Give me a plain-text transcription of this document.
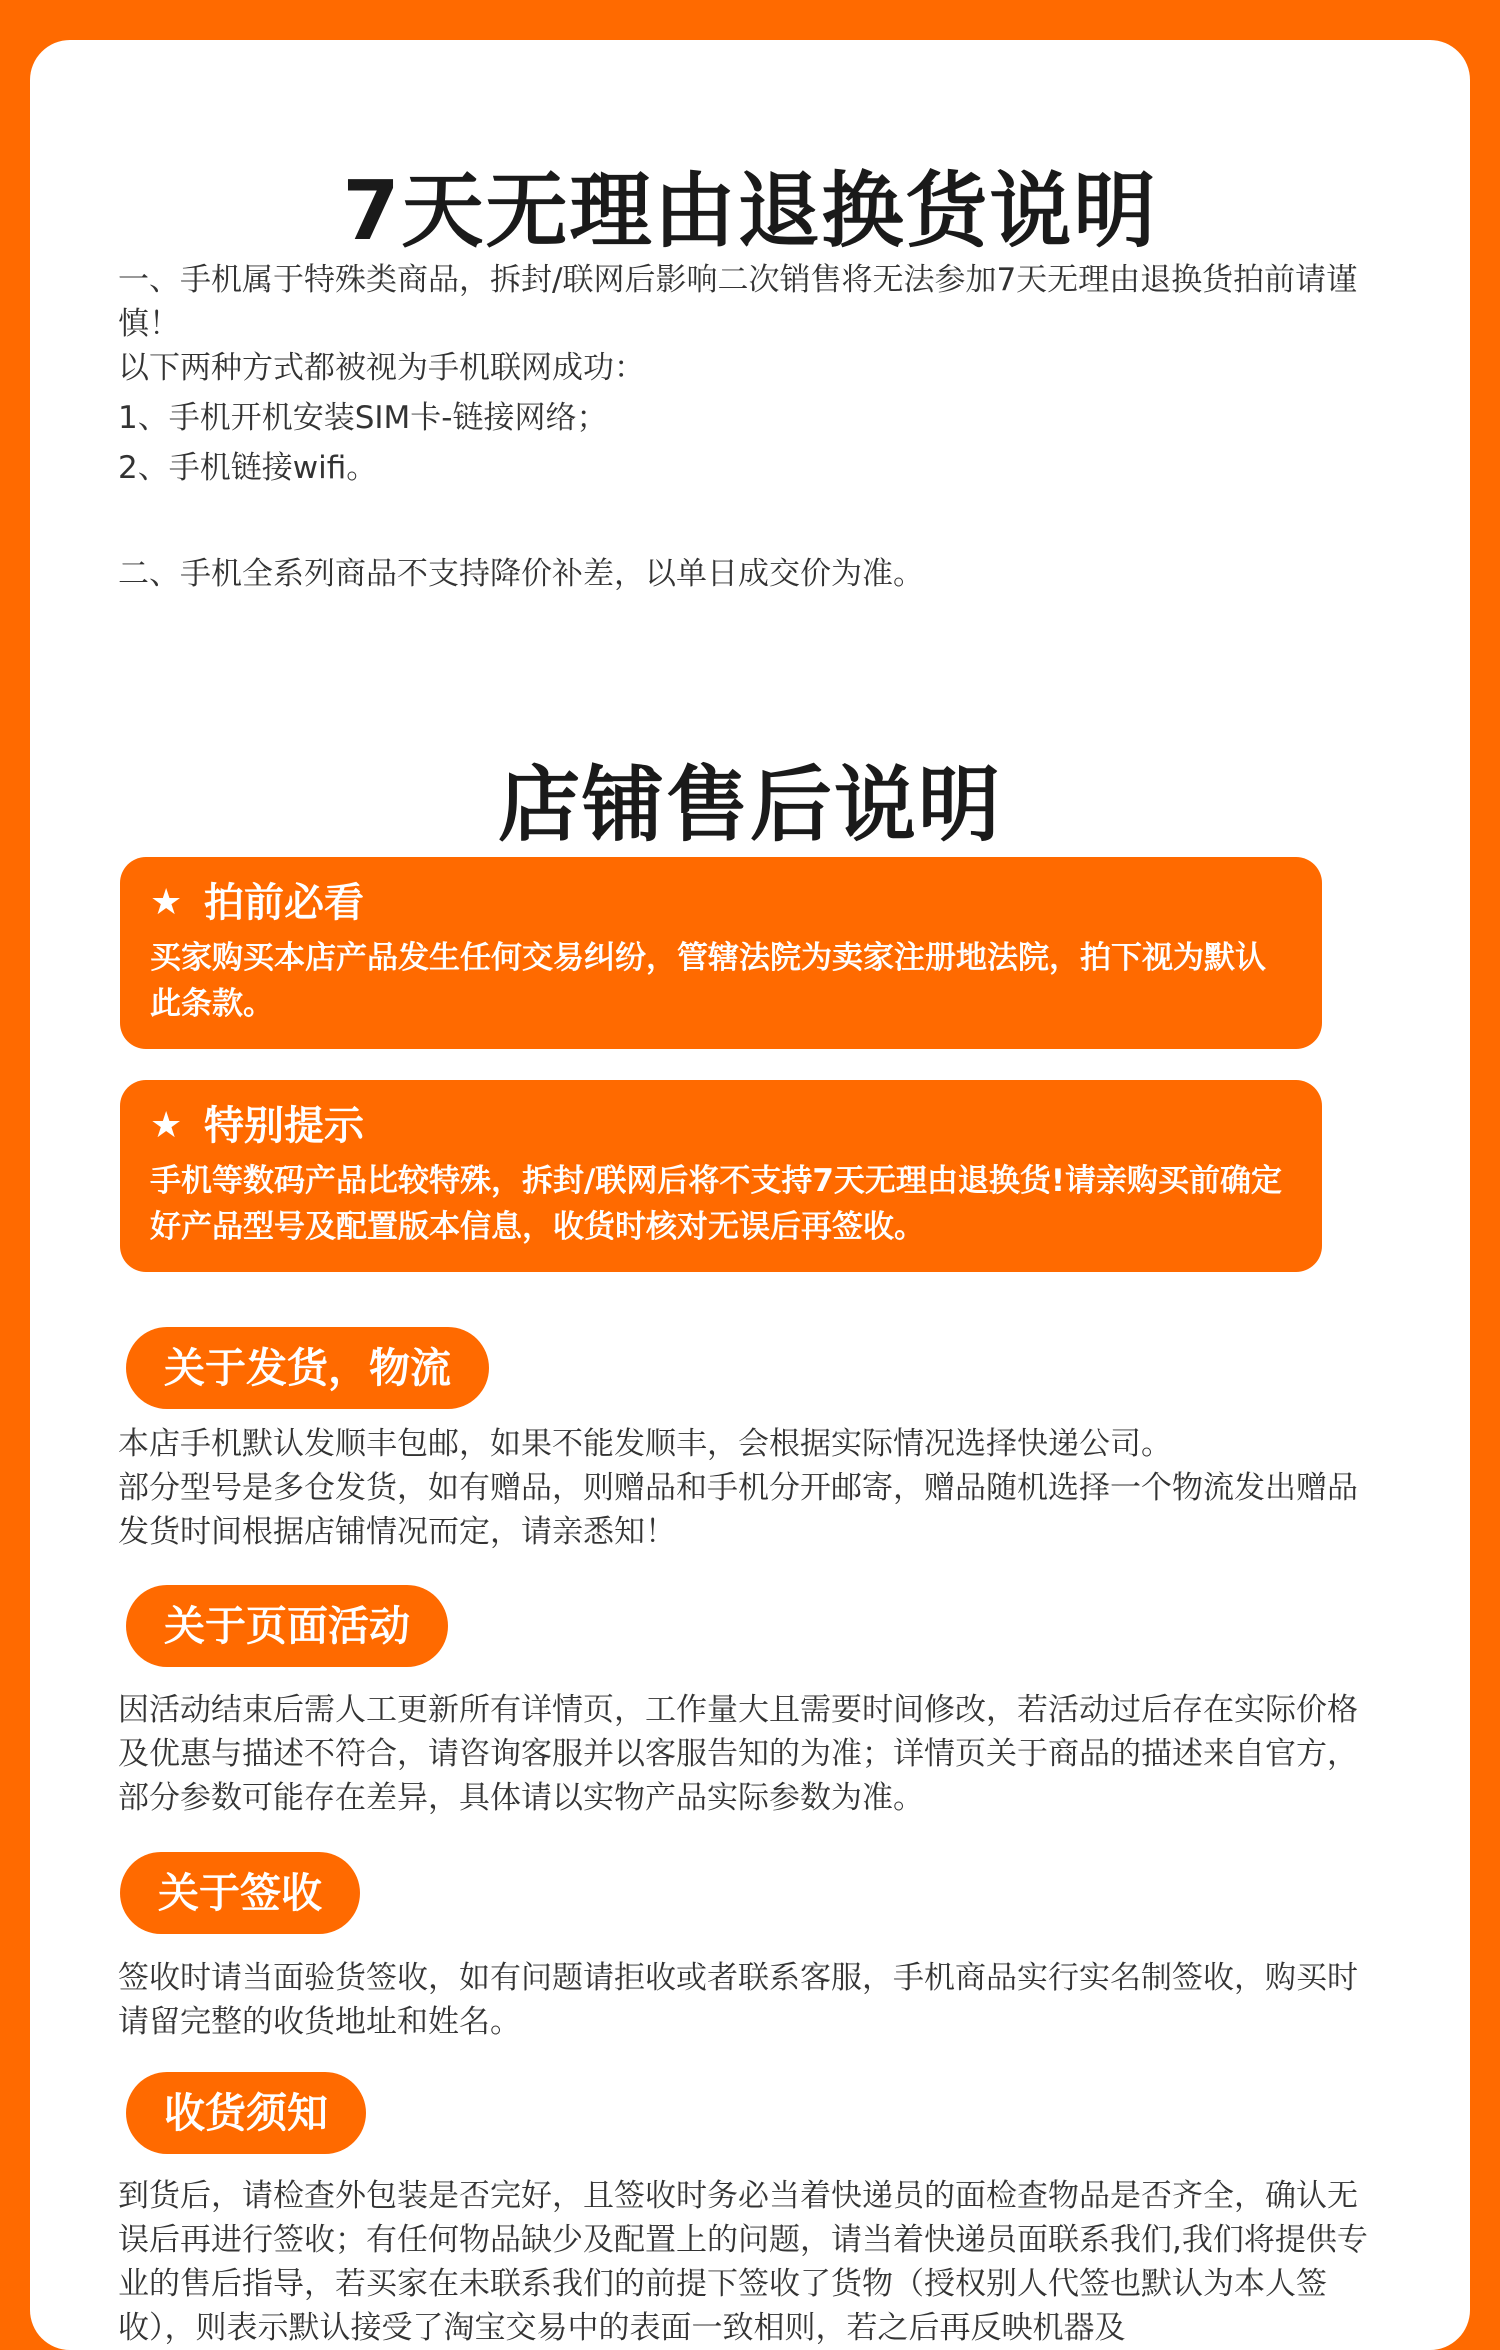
7天无理由退换货说明

一、手机属于特殊类商品，拆封/联网后影响二次销售将无法参加7天无理由退换货拍前请谨慎！

以下两种方式都被视为手机联网成功：

1、手机开机安装SIM卡-链接网络；

2、手机链接wifi。

二、手机全系列商品不支持降价补差，以单日成交价为准。
店铺售后说明
★ 拍前必看
买家购买本店产品发生任何交易纠纷，管辖法院为卖家注册地法院，拍下视为默认此条款。
★ 特别提示
手机等数码产品比较特殊，拆封/联网后将不支持7天无理由退换货!请亲购买前确定好产品型号及配置版本信息，收货时核对无误后再签收。
关于发货，物流

本店手机默认发顺丰包邮，如果不能发顺丰，会根据实际情况选择快递公司。

部分型号是多仓发货，如有赠品，则赠品和手机分开邮寄，赠品随机选择一个物流发出赠品发货时间根据店铺情况而定，请亲悉知！

关于页面活动

因活动结束后需人工更新所有详情页，工作量大且需要时间修改，若活动过后存在实际价格及优惠与描述不符合，请咨询客服并以客服告知的为准；详情页关于商品的描述来自官方，部分参数可能存在差异，具体请以实物产品实际参数为准。

关于签收

签收时请当面验货签收，如有问题请拒收或者联系客服，手机商品实行实名制签收，购买时请留完整的收货地址和姓名。

收货须知

到货后，请检查外包装是否完好，且签收时务必当着快递员的面检查物品是否齐全，确认无误后再进行签收；有任何物品缺少及配置上的问题，请当着快递员面联系我们,我们将提供专业的售后指导，若买家在未联系我们的前提下签收了货物（授权别人代签也默认为本人签收），则表示默认接受了淘宝交易中的表面一致相则，若之后再反映机器及
